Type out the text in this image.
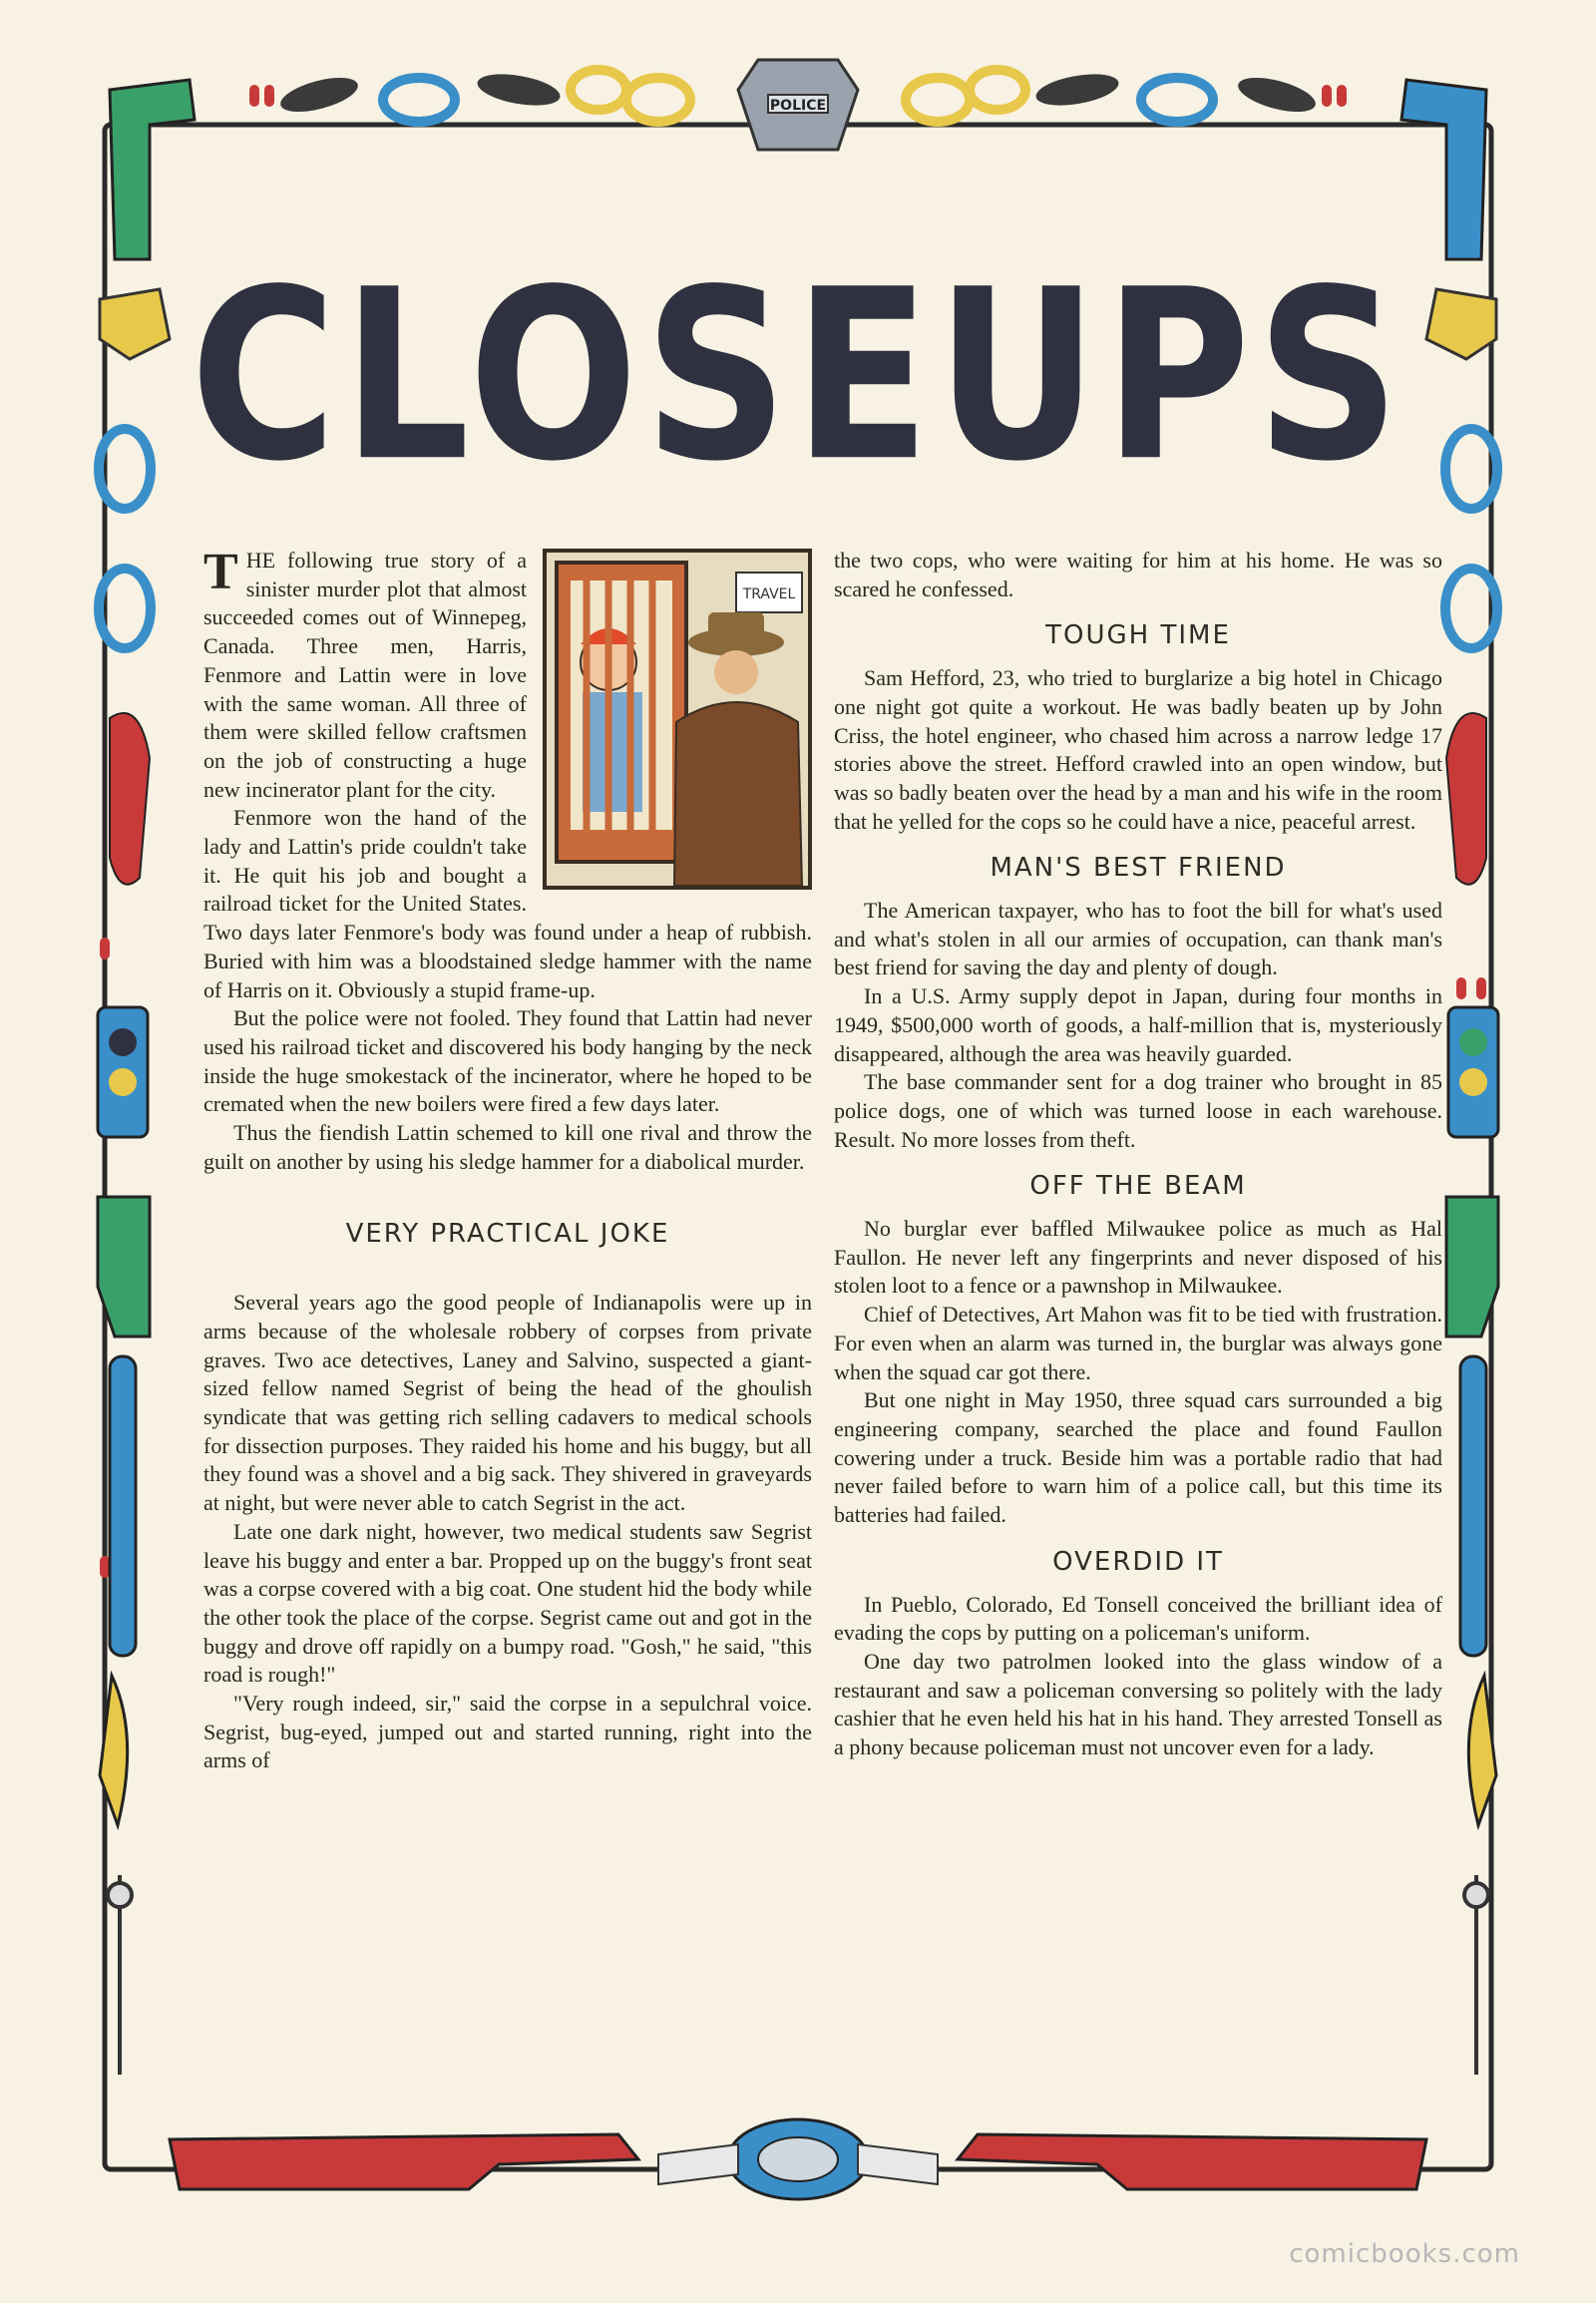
POLICE
CLOSEUPS
TRAVEL

THE following true story of a sinister murder plot that almost succeeded comes out of Winnepeg, Canada. Three men, Harris, Fenmore and Lattin were in love with the same woman. All three of them were skilled fellow craftsmen on the job of constructing a huge new incinerator plant for the city.

Fenmore won the hand of the lady and Lattin's pride couldn't take it. He quit his job and bought a railroad ticket for the United States. Two days later Fenmore's body was found under a heap of rubbish. Buried with him was a bloodstained sledge hammer with the name of Harris on it. Obviously a stupid frame-up.

But the police were not fooled. They found that Lattin had never used his railroad ticket and discovered his body hanging by the neck inside the huge smokestack of the incinerator, where he hoped to be cremated when the new boilers were fired a few days later.

Thus the fiendish Lattin schemed to kill one rival and throw the guilt on another by using his sledge hammer for a diabolical murder.

VERY PRACTICAL JOKE

Several years ago the good people of Indianapolis were up in arms because of the wholesale robbery of corpses from private graves. Two ace detectives, Laney and Salvino, suspected a giant-sized fellow named Segrist of being the head of the ghoulish syndicate that was getting rich selling cadavers to medical schools for dissection purposes. They raided his home and his buggy, but all they found was a shovel and a big sack. They shivered in graveyards at night, but were never able to catch Segrist in the act.

Late one dark night, however, two medical students saw Segrist leave his buggy and enter a bar. Propped up on the buggy's front seat was a corpse covered with a big coat. One student hid the body while the other took the place of the corpse. Segrist came out and got in the buggy and drove off rapidly on a bumpy road. "Gosh," he said, "this road is rough!"

"Very rough indeed, sir," said the corpse in a sepulchral voice. Segrist, bug-eyed, jumped out and started running, right into the arms of

the two cops, who were waiting for him at his home. He was so scared he confessed.

TOUGH TIME

Sam Hefford, 23, who tried to burglarize a big hotel in Chicago one night got quite a workout. He was badly beaten up by John Criss, the hotel engineer, who chased him across a narrow ledge 17 stories above the street. Hefford crawled into an open window, but was so badly beaten over the head by a man and his wife in the room that he yelled for the cops so he could have a nice, peaceful arrest.

MAN'S BEST FRIEND

The American taxpayer, who has to foot the bill for what's used and what's stolen in all our armies of occupation, can thank man's best friend for saving the day and plenty of dough.

In a U.S. Army supply depot in Japan, during four months in 1949, $500,000 worth of goods, a half-million that is, mysteriously disappeared, although the area was heavily guarded.

The base commander sent for a dog trainer who brought in 85 police dogs, one of which was turned loose in each warehouse. Result. No more losses from theft.

OFF THE BEAM

No burglar ever baffled Milwaukee police as much as Hal Faullon. He never left any fingerprints and never disposed of his stolen loot to a fence or a pawnshop in Milwaukee.

Chief of Detectives, Art Mahon was fit to be tied with frustration. For even when an alarm was turned in, the burglar was always gone when the squad car got there.

But one night in May 1950, three squad cars surrounded a big engineering company, searched the place and found Faullon cowering under a truck. Beside him was a portable radio that had never failed before to warn him of a police call, but this time its batteries had failed.

OVERDID IT

In Pueblo, Colorado, Ed Tonsell conceived the brilliant idea of evading the cops by putting on a policeman's uniform.

One day two patrolmen looked into the glass window of a restaurant and saw a policeman conversing so politely with the lady cashier that he even held his hat in his hand. They arrested Tonsell as a phony because policeman must not uncover even for a lady.

comicbooks.com
